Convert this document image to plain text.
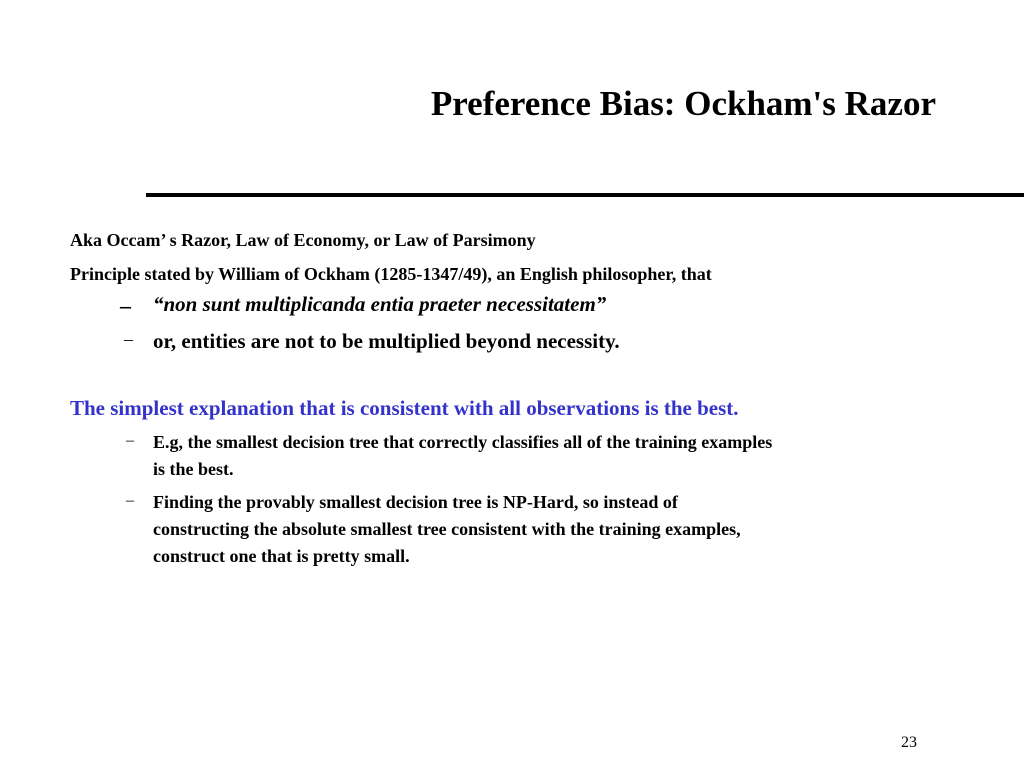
Preference Bias: Ockham's Razor
Aka Occam’ s Razor, Law of Economy, or Law of Parsimony
Principle stated by William of Ockham (1285-1347/49), an English philosopher, that
– “non sunt multiplicanda entia praeter necessitatem”
– or, entities are not to be multiplied beyond necessity.
The simplest explanation that is consistent with all observations is the best.
– E.g, the smallest decision tree that correctly classifies all of the training examples
is the best.
– Finding the provably smallest decision tree is NP-Hard, so instead of
constructing the absolute smallest tree consistent with the training examples,
construct one that is pretty small.
23
